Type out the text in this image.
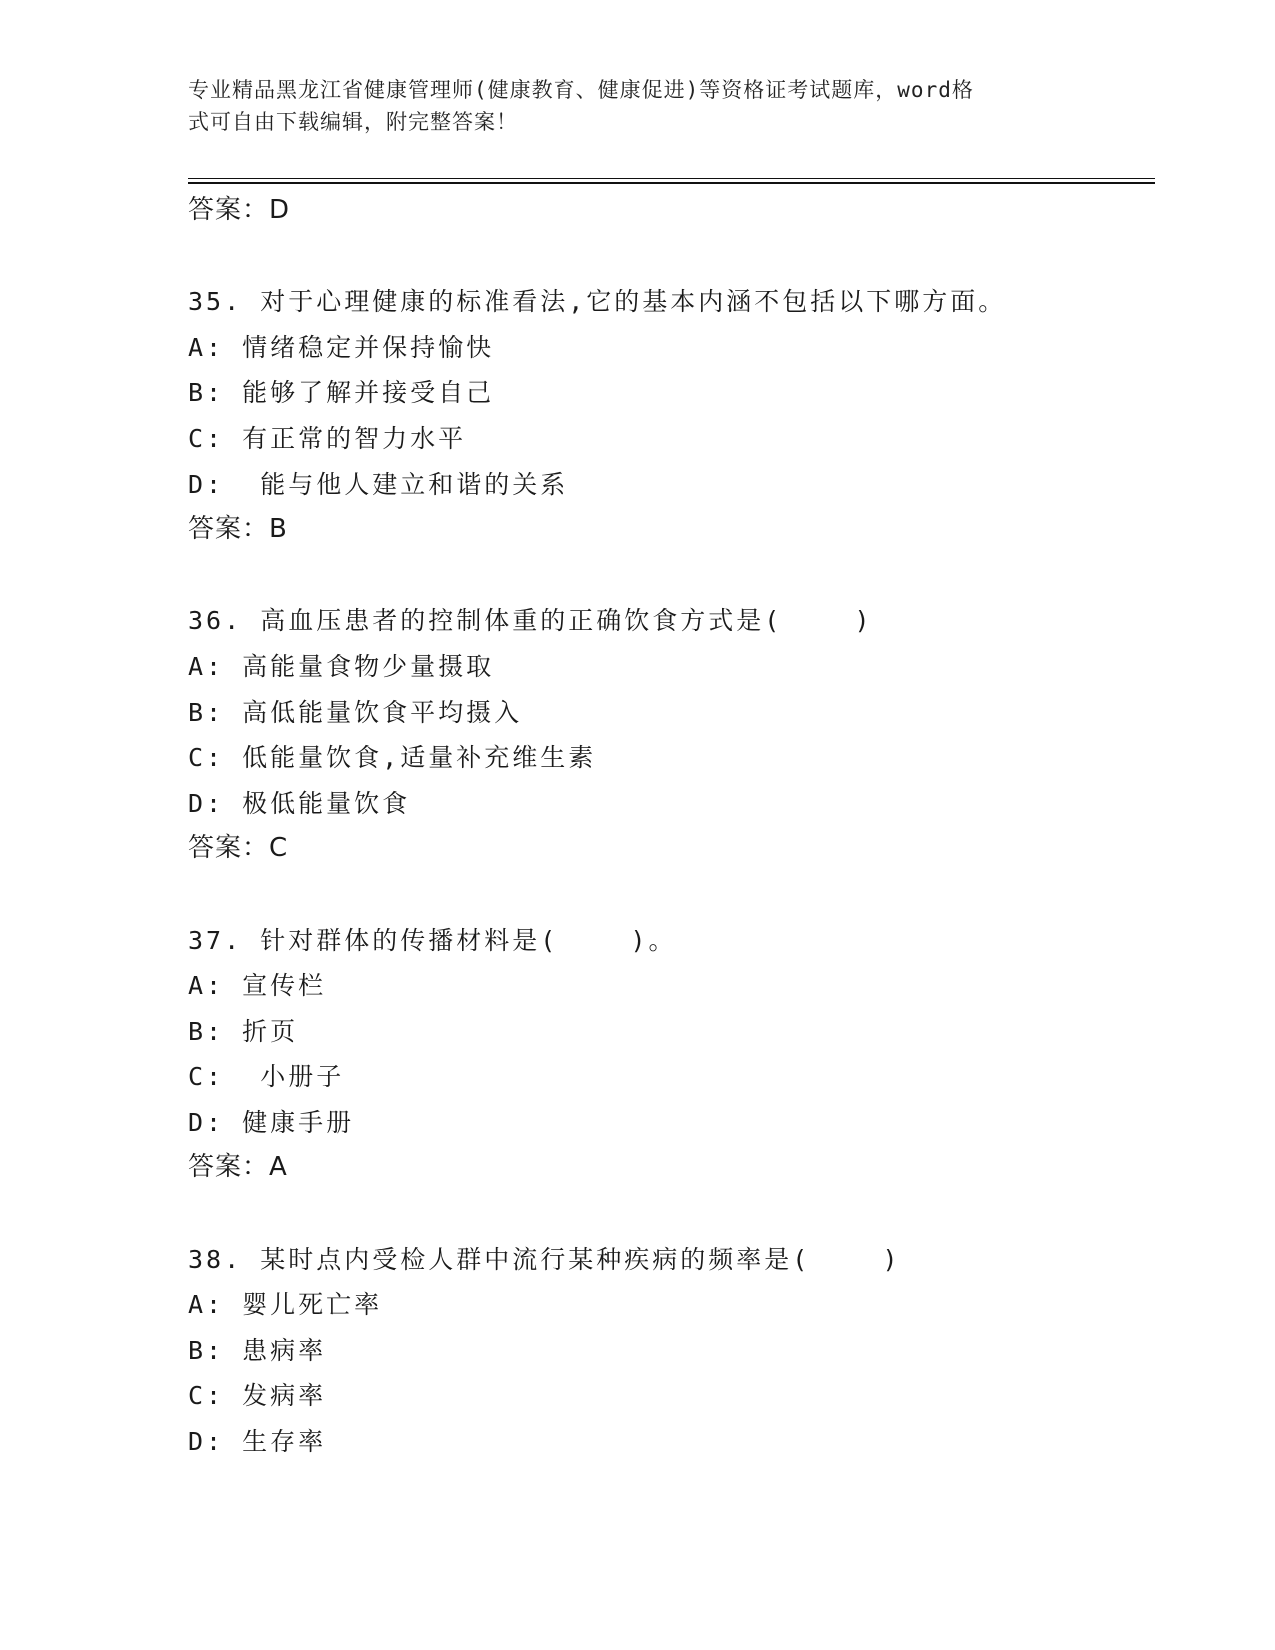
专业精品黑龙江省健康管理师(健康教育、健康促进)等资格证考试题库，word格
式可自由下载编辑，附完整答案！
答案：D
35. 对于心理健康的标准看法,它的基本内涵不包括以下哪方面。
A: 情绪稳定并保持愉快
B: 能够了解并接受自己
C: 有正常的智力水平
D:  能与他人建立和谐的关系
答案：B
36. 高血压患者的控制体重的正确饮食方式是(    )
A: 高能量食物少量摄取
B: 高低能量饮食平均摄入
C: 低能量饮食,适量补充维生素
D: 极低能量饮食
答案：C
37. 针对群体的传播材料是(    )。
A: 宣传栏
B: 折页
C:  小册子
D: 健康手册
答案：A
38. 某时点内受检人群中流行某种疾病的频率是(    )
A: 婴儿死亡率
B: 患病率
C: 发病率
D: 生存率
